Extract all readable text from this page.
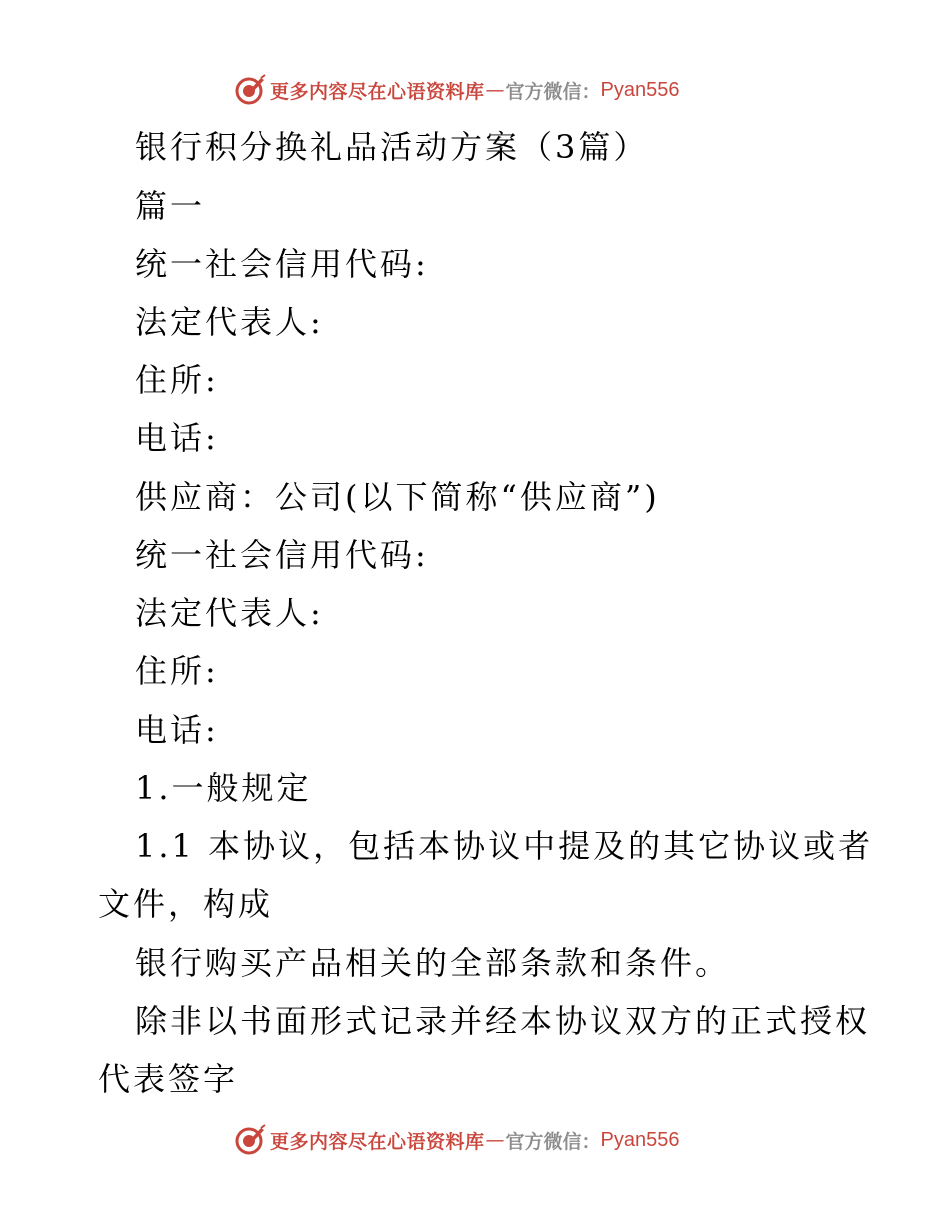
更多内容尽在心语资料库 — 官方微信： Pyan556
银行积分换礼品活动方案（3篇）
篇一
统一社会信用代码:
法定代表人:
住所:
电话:
供应商：公司(以下简称“供应商”)
统一社会信用代码:
法定代表人:
住所:
电话:
1.一般规定
1.1 本协议，包括本协议中提及的其它协议或者
文件，构成
银行购买产品相关的全部条款和条件。
除非以书面形式记录并经本协议双方的正式授权
代表签字
更多内容尽在心语资料库 — 官方微信： Pyan556
